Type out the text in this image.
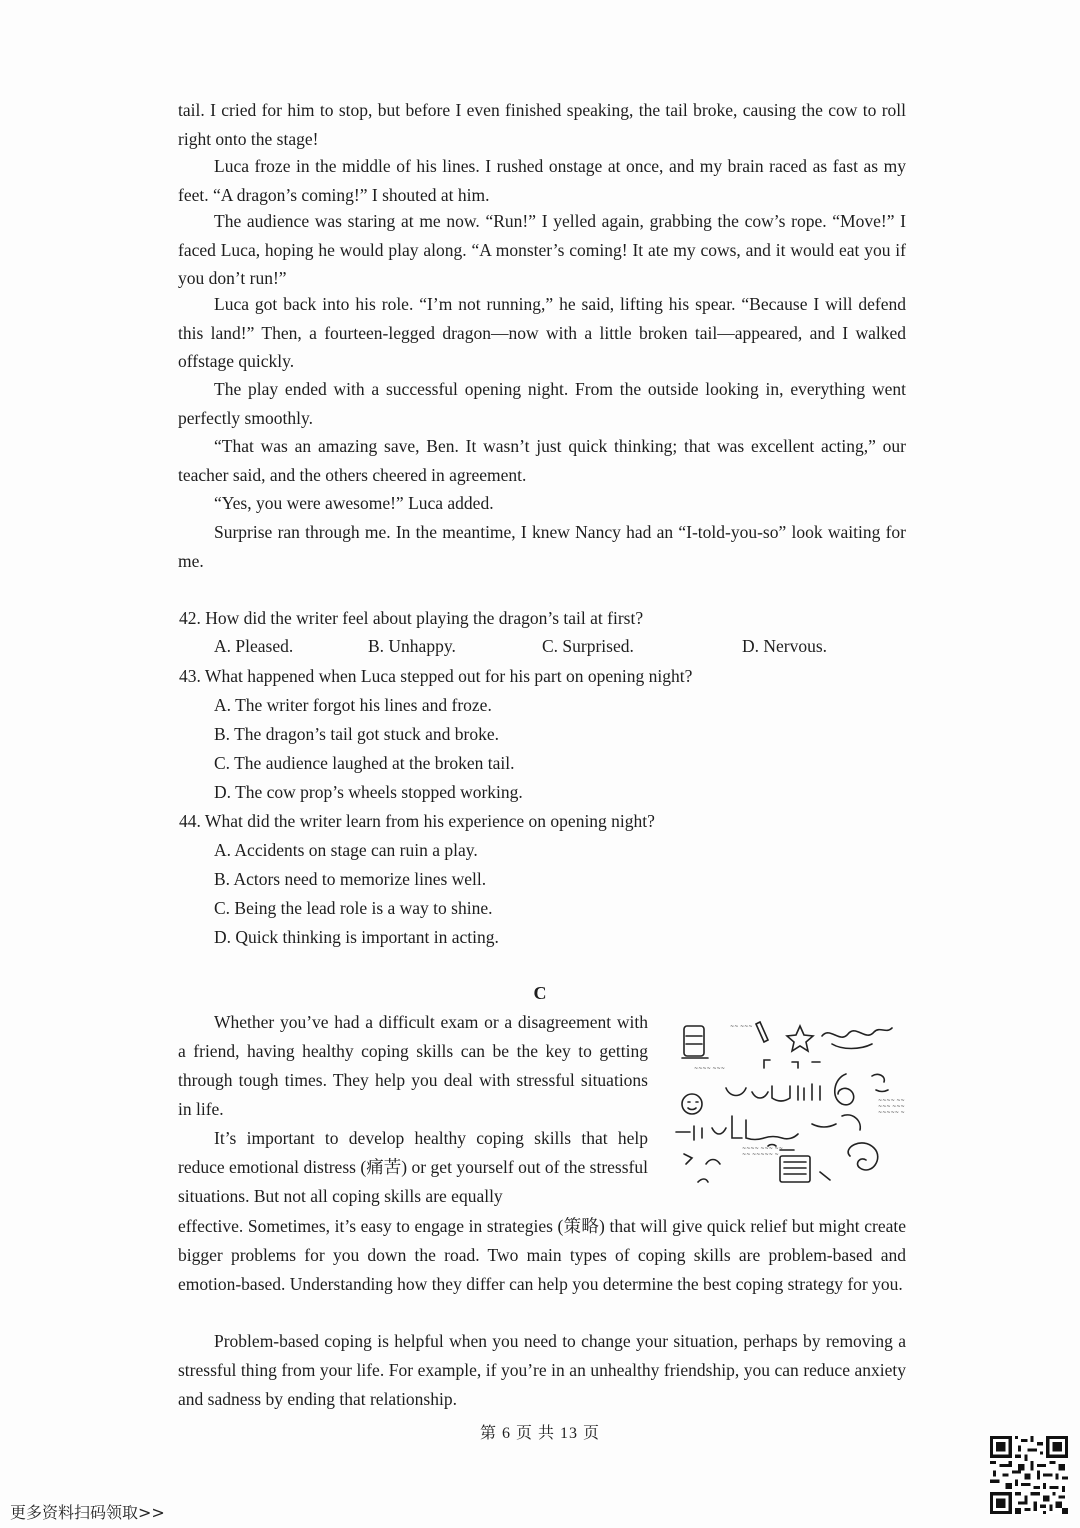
tail. I cried for him to stop, but before I even finished speaking, the tail broke, causing the cow to roll right onto the stage!

Luca froze in the middle of his lines. I rushed onstage at once, and my brain raced as fast as my feet. “A dragon’s coming!” I shouted at him.

The audience was staring at me now. “Run!” I yelled again, grabbing the cow’s rope. “Move!” I faced Luca, hoping he would play along. “A monster’s coming! It ate my cows, and it would eat you if you don’t run!”

Luca got back into his role. “I’m not running,” he said, lifting his spear. “Because I will defend this land!” Then, a fourteen-legged dragon—now with a little broken tail—appeared, and I walked offstage quickly.

The play ended with a successful opening night. From the outside looking in, everything went perfectly smoothly.

“That was an amazing save, Ben. It wasn’t just quick thinking; that was excellent acting,” our teacher said, and the others cheered in agreement.

“Yes, you were awesome!” Luca added.

Surprise ran through me. In the meantime, I knew Nancy had an “I-told-you-so” look waiting for me.

42. How did the writer feel about playing the dragon’s tail at first?

A. Pleased.	B. Unhappy.	C. Surprised.	D. Nervous.

43. What happened when Luca stepped out for his part on opening night?

A. The writer forgot his lines and froze.

B. The dragon’s tail got stuck and broke.

C. The audience laughed at the broken tail.

D. The cow prop’s wheels stopped working.

44. What did the writer learn from his experience on opening night?

A. Accidents on stage can ruin a play.

B. Actors need to memorize lines well.

C. Being the lead role is a way to shine.

D. Quick thinking is important in acting.

C

Whether you’ve had a difficult exam or a disagreement with a friend, having healthy coping skills can be the key to getting through tough times. They help you deal with stressful situations in life.

It’s important to develop healthy coping skills that help reduce emotional distress (痛苦) or get yourself out of the stressful situations. But not all coping skills are equally

effective. Sometimes, it’s easy to engage in strategies (策略) that will give quick relief but might create bigger problems for you down the road. Two main types of coping skills are problem-based and emotion-based. Understanding how they differ can help you determine the best coping strategy for you.

Problem-based coping is helpful when you need to change your situation, perhaps by removing a stressful thing from your life. For example, if you’re in an unhealthy friendship, you can reduce anxiety and sadness by ending that relationship.

~~ ~~~
~~~~ ~~~
~~~~ ~~
~~~ ~~~
~~~~~ ~
~~~~ ~~~ ~~
~~ ~~~~~ ~
第 6 页 共 13 页
更多资料扫码领取>>
